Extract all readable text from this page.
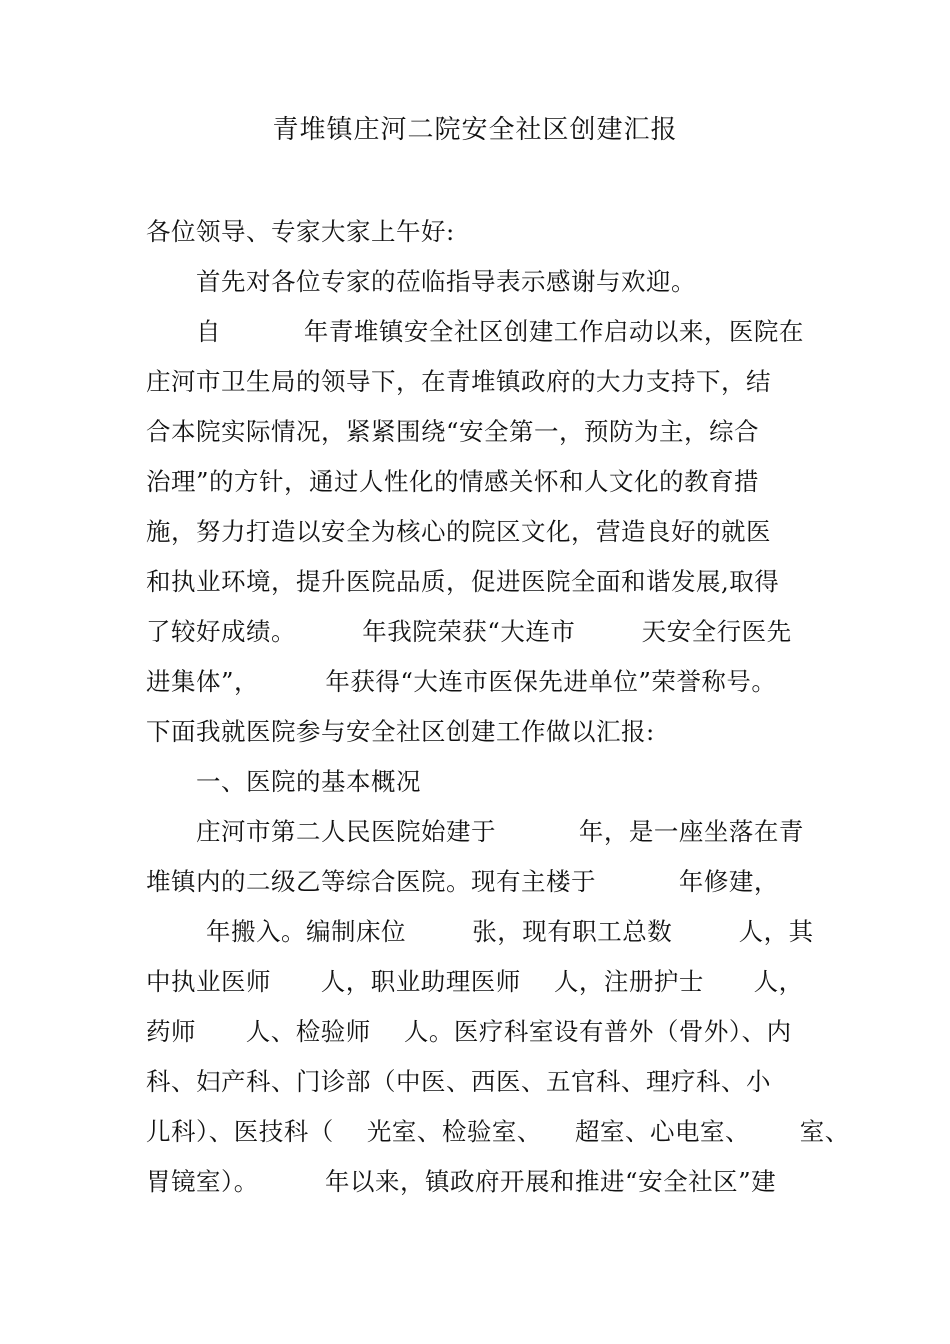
青堆镇庄河二院安全社区创建汇报
各位领导、专家大家上午好:
首先对各位专家的莅临指导表示感谢与欢迎。
自          年青堆镇安全社区创建工作启动以来，医院在
庄河市卫生局的领导下，在青堆镇政府的大力支持下，结
合本院实际情况，紧紧围绕“安全第一，预防为主，综合
治理”的方针，通过人性化的情感关怀和人文化的教育措
施，努力打造以安全为核心的院区文化，营造良好的就医
和执业环境，提升医院品质，促进医院全面和谐发展,取得
了较好成绩。        年我院荣获“大连市        天安全行医先
进集体”，        年获得“大连市医保先进单位”荣誉称号。
下面我就医院参与安全社区创建工作做以汇报:
一、医院的基本概况
庄河市第二人民医院始建于          年，是一座坐落在青
堆镇内的二级乙等综合医院。现有主楼于          年修建，
年搬入。编制床位        张，现有职工总数        人，其
中执业医师      人，职业助理医师    人，注册护士      人，
药师      人、检验师    人。医疗科室设有普外（骨外）、内
科、妇产科、门诊部（中医、西医、五官科、理疗科、小
儿科）、医技科（    光室、检验室、    超室、心电室、      室、
胃镜室）。        年以来，镇政府开展和推进“安全社区”建
